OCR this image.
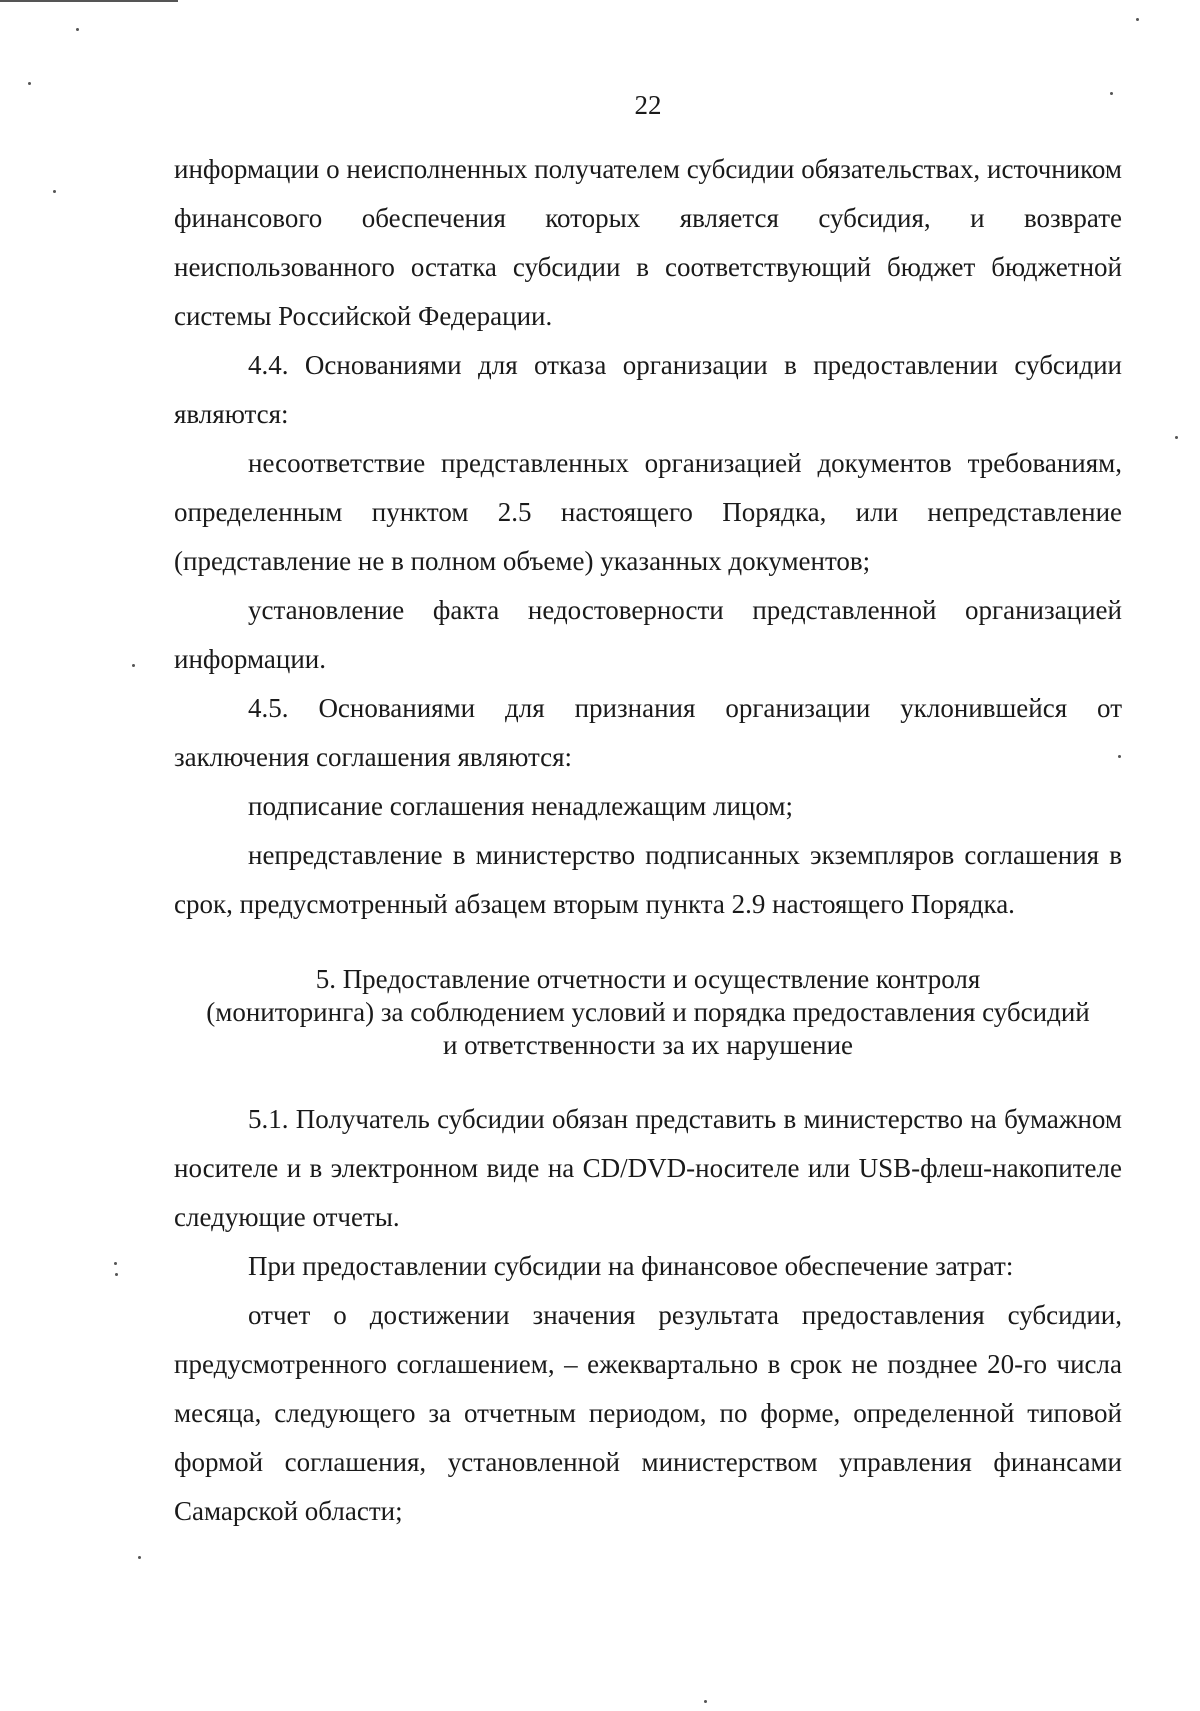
22

информации о неисполненных получателем субсидии обязательствах, источником финансового обеспечения которых является субсидия, и возврате неиспользованного остатка субсидии в соответствующий бюджет бюджетной системы Российской Федерации.

4.4. Основаниями для отказа организации в предоставлении субсидии являются:

несоответствие представленных организацией документов требованиям, определенным пунктом 2.5 настоящего Порядка, или непредставление (представление не в полном объеме) указанных документов;

установление факта недостоверности представленной организацией информации.

4.5. Основаниями для признания организации уклонившейся от заключения соглашения являются:

подписание соглашения ненадлежащим лицом;

непредставление в министерство подписанных экземпляров соглашения в срок, предусмотренный абзацем вторым пункта 2.9 настоящего Порядка.

5. Предоставление отчетности и осуществление контроля
(мониторинга) за соблюдением условий и порядка предоставления субсидий
и ответственности за их нарушение

5.1. Получатель субсидии обязан представить в министерство на бумажном носителе и в электронном виде на CD/DVD-носителе или USB-флеш-накопителе следующие отчеты.

При предоставлении субсидии на финансовое обеспечение затрат:

отчет о достижении значения результата предоставления субсидии, предусмотренного соглашением, – ежеквартально в срок не позднее 20-го числа месяца, следующего за отчетным периодом, по форме, определенной типовой формой соглашения, установленной министерством управления финансами Самарской области;
